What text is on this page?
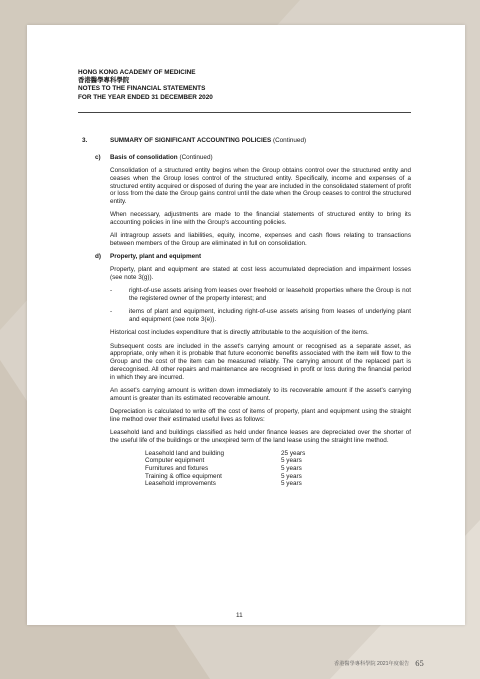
HONG KONG ACADEMY OF MEDICINE
香港醫學專科學院
NOTES TO THE FINANCIAL STATEMENTS
FOR THE YEAR ENDED 31 DECEMBER 2020
3.	SUMMARY OF SIGNIFICANT ACCOUNTING POLICIES (Continued)
c) Basis of consolidation (Continued)

Consolidation of a structured entity begins when the Group obtains control over the structured entity and ceases when the Group loses control of the structured entity. Specifically, income and expenses of a structured entity acquired or disposed of during the year are included in the consolidated statement of profit or loss from the date the Group gains control until the date when the Group ceases to control the structured entity.

When necessary, adjustments are made to the financial statements of structured entity to bring its accounting policies in line with the Group's accounting policies.

All intragroup assets and liabilities, equity, income, expenses and cash flows relating to transactions between members of the Group are eliminated in full on consolidation.

d) Property, plant and equipment

Property, plant and equipment are stated at cost less accumulated depreciation and impairment losses (see note 3(g)).

-	right-of-use assets arising from leases over freehold or leasehold properties where the Group is not the registered owner of the property interest; and
-	items of plant and equipment, including right-of-use assets arising from leases of underlying plant and equipment (see note 3(e)).

Historical cost includes expenditure that is directly attributable to the acquisition of the items.

Subsequent costs are included in the asset's carrying amount or recognised as a separate asset, as appropriate, only when it is probable that future economic benefits associated with the item will flow to the Group and the cost of the item can be measured reliably. The carrying amount of the replaced part is derecognised. All other repairs and maintenance are recognised in profit or loss during the financial period in which they are incurred.

An asset's carrying amount is written down immediately to its recoverable amount if the asset's carrying amount is greater than its estimated recoverable amount.

Depreciation is calculated to write off the cost of items of property, plant and equipment using the straight line method over their estimated useful lives as follows:

Leasehold land and buildings classified as held under finance leases are depreciated over the shorter of the useful life of the buildings or the unexpired term of the land lease using the straight line method.

Leasehold land and building	25 years
Computer equipment	5 years
Furnitures and fixtures	5 years
Training & office equipment	5 years
Leasehold improvements	5 years
11
香港醫學專科學院 2021年度報告 65
